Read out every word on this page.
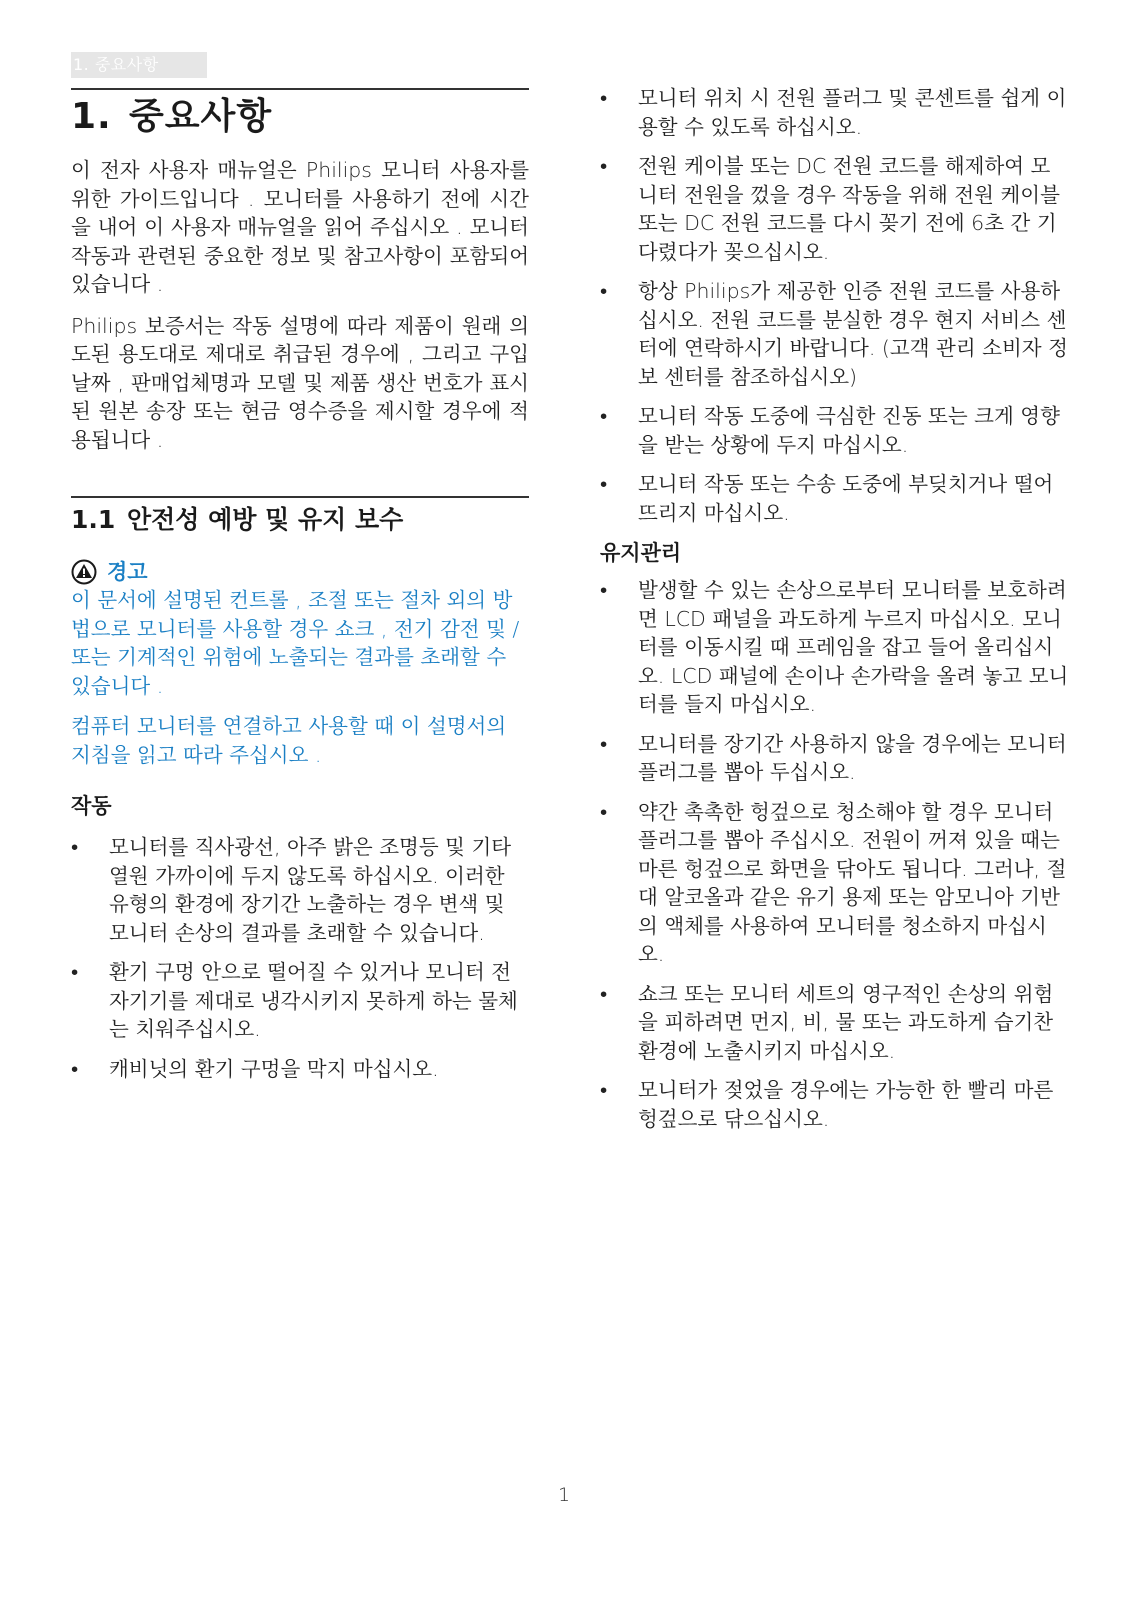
1. 중요사항
1. 중요사항

이 전자 사용자 매뉴얼은 Philips 모니터 사용자를 위한 가이드입니다 . 모니터를 사용하기 전에 시간을 내어 이 사용자 매뉴얼을 읽어 주십시오 . 모니터 작동과 관련된 중요한 정보 및 참고사항이 포함되어 있습니다 .

Philips 보증서는 작동 설명에 따라 제품이 원래 의도된 용도대로 제대로 취급된 경우에 , 그리고 구입 날짜 , 판매업체명과 모델 및 제품 생산 번호가 표시된 원본 송장 또는 현금 영수증을 제시할 경우에 적용됩니다 .

1.1 안전성 예방 및 유지 보수
경고

이 문서에 설명된 컨트롤 , 조절 또는 절차 외의 방법으로 모니터를 사용할 경우 쇼크 , 전기 감전 및 / 또는 기계적인 위험에 노출되는 결과를 초래할 수 있습니다 .

컴퓨터 모니터를 연결하고 사용할 때 이 설명서의 지침을 읽고 따라 주십시오 .

작동
•	모니터를 직사광선, 아주 밝은 조명등 및 기타 열원 가까이에 두지 않도록 하십시오. 이러한 유형의 환경에 장기간 노출하는 경우 변색 및 모니터 손상의 결과를 초래할 수 있습니다.
•	환기 구멍 안으로 떨어질 수 있거나 모니터 전자기기를 제대로 냉각시키지 못하게 하는 물체는 치워주십시오.
•	캐비닛의 환기 구멍을 막지 마십시오.
•	모니터 위치 시 전원 플러그 및 콘센트를 쉽게 이용할 수 있도록 하십시오.
•	전원 케이블 또는 DC 전원 코드를 해제하여 모니터 전원을 껐을 경우 작동을 위해 전원 케이블 또는 DC 전원 코드를 다시 꽂기 전에 6초 간 기다렸다가 꽂으십시오.
•	항상 Philips가 제공한 인증 전원 코드를 사용하십시오. 전원 코드를 분실한 경우 현지 서비스 센터에 연락하시기 바랍니다. (고객 관리 소비자 정보 센터를 참조하십시오)
•	모니터 작동 도중에 극심한 진동 또는 크게 영향을 받는 상황에 두지 마십시오.
•	모니터 작동 또는 수송 도중에 부딪치거나 떨어뜨리지 마십시오.
유지관리
•	발생할 수 있는 손상으로부터 모니터를 보호하려면 LCD 패널을 과도하게 누르지 마십시오. 모니터를 이동시킬 때 프레임을 잡고 들어 올리십시오. LCD 패널에 손이나 손가락을 올려 놓고 모니터를 들지 마십시오.
•	모니터를 장기간 사용하지 않을 경우에는 모니터 플러그를 뽑아 두십시오.
•	약간 촉촉한 헝겊으로 청소해야 할 경우 모니터 플러그를 뽑아 주십시오. 전원이 꺼져 있을 때는 마른 헝겊으로 화면을 닦아도 됩니다. 그러나, 절대 알코올과 같은 유기 용제 또는 암모니아 기반의 액체를 사용하여 모니터를 청소하지 마십시오.
•	쇼크 또는 모니터 세트의 영구적인 손상의 위험을 피하려면 먼지, 비, 물 또는 과도하게 습기찬 환경에 노출시키지 마십시오.
•	모니터가 젖었을 경우에는 가능한 한 빨리 마른 헝겊으로 닦으십시오.
1
